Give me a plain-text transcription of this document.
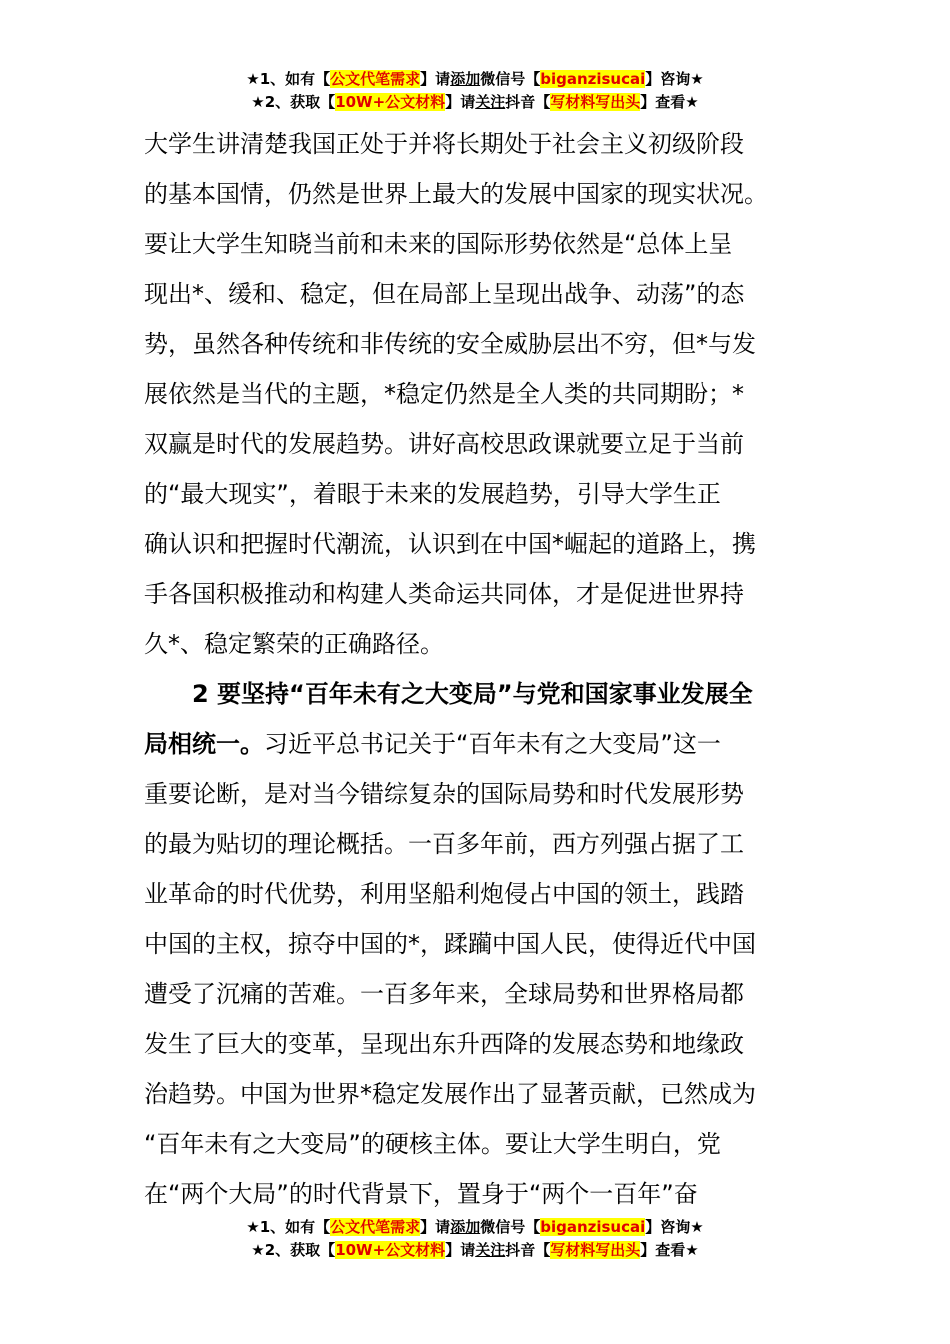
★1、如有【公文代笔需求】请添加微信号【biganzisucai】咨询★
★2、获取【10W+公文材料】请关注抖音【写材料写出头】查看★
大学生讲清楚我国正处于并将长期处于社会主义初级阶段
的基本国情，仍然是世界上最大的发展中国家的现实状况。
要让大学生知晓当前和未来的国际形势依然是“总体上呈
现出*、缓和、稳定，但在局部上呈现出战争、动荡”的态
势，虽然各种传统和非传统的安全威胁层出不穷，但*与发
展依然是当代的主题，*稳定仍然是全人类的共同期盼；*
双赢是时代的发展趋势。讲好高校思政课就要立足于当前
的“最大现实”，着眼于未来的发展趋势，引导大学生正
确认识和把握时代潮流，认识到在中国*崛起的道路上，携
手各国积极推动和构建人类命运共同体，才是促进世界持
久*、稳定繁荣的正确路径。
2 要坚持“百年未有之大变局”与党和国家事业发展全
局相统一。习近平总书记关于“百年未有之大变局”这一
重要论断，是对当今错综复杂的国际局势和时代发展形势
的最为贴切的理论概括。一百多年前，西方列强占据了工
业革命的时代优势，利用坚船利炮侵占中国的领土，践踏
中国的主权，掠夺中国的*，蹂躏中国人民，使得近代中国
遭受了沉痛的苦难。一百多年来，全球局势和世界格局都
发生了巨大的变革，呈现出东升西降的发展态势和地缘政
治趋势。中国为世界*稳定发展作出了显著贡献，已然成为
“百年未有之大变局”的硬核主体。要让大学生明白，党
在“两个大局”的时代背景下，置身于“两个一百年”奋
★1、如有【公文代笔需求】请添加微信号【biganzisucai】咨询★
★2、获取【10W+公文材料】请关注抖音【写材料写出头】查看★
